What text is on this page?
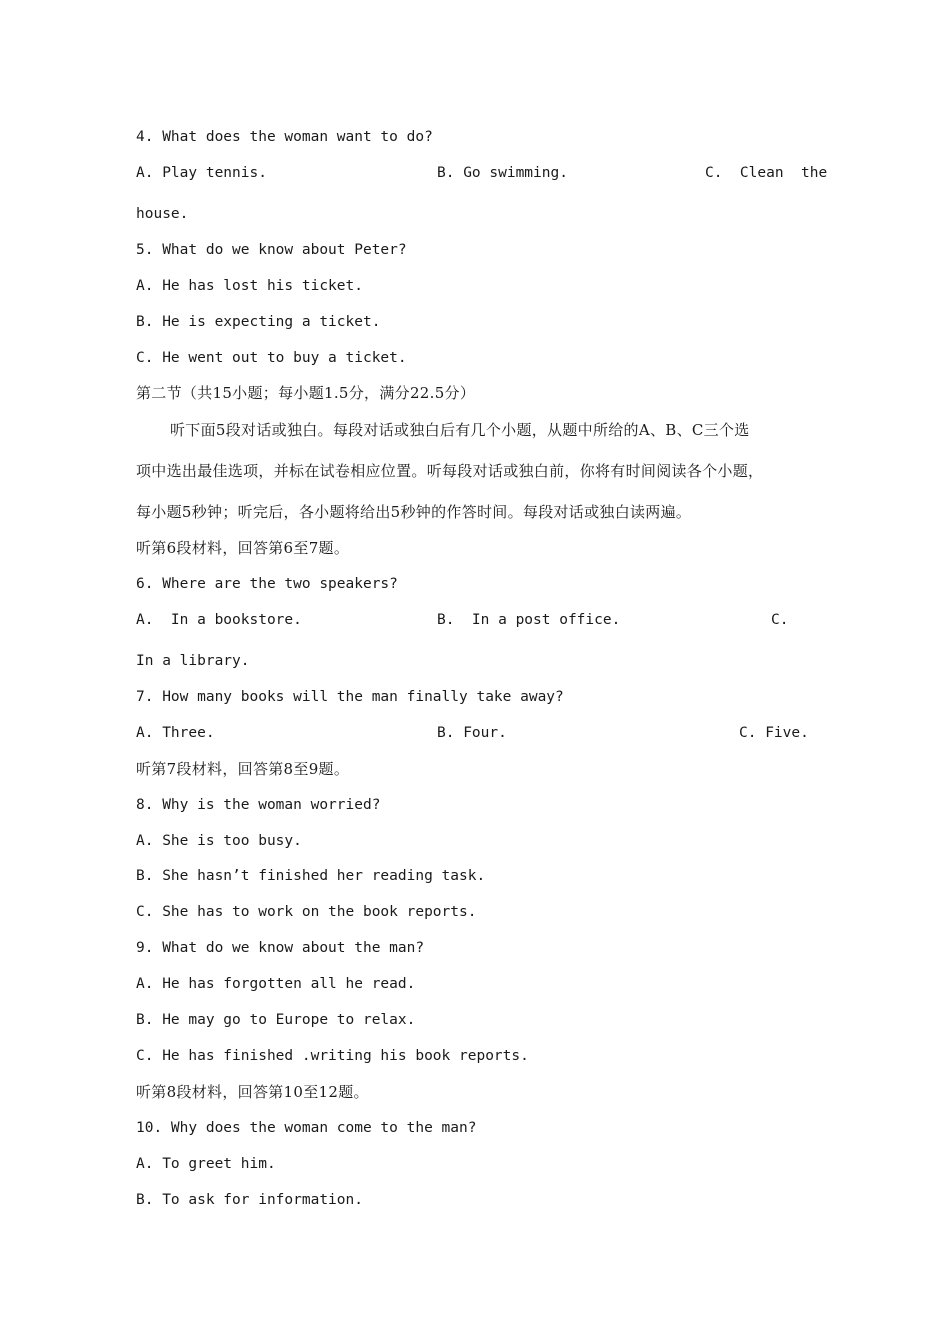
4. What does the woman want to do?
A. Play tennis.	B. Go swimming.	C.  Clean  the
house.
5. What do we know about Peter?
A. He has lost his ticket.
B. He is expecting a ticket.
C. He went out to buy a ticket.
第二节（共15小题；每小题1.5分，满分22.5分）
听下面5段对话或独白。每段对话或独白后有几个小题，从题中所给的A、B、C三个选
项中选出最佳选项，并标在试卷相应位置。听每段对话或独白前，你将有时间阅读各个小题，
每小题5秒钟；听完后，各小题将给出5秒钟的作答时间。每段对话或独白读两遍。
听第6段材料，回答第6至7题。
6. Where are the two speakers?
A.  In a bookstore.	B.  In a post office.	C.
In a library.
7. How many books will the man finally take away?
A. Three.	B. Four.	C. Five.
听第7段材料，回答第8至9题。
8. Why is the woman worried?
A. She is too busy.
B. She hasn’t finished her reading task.
C. She has to work on the book reports.
9. What do we know about the man?
A. He has forgotten all he read.
B. He may go to Europe to relax.
C. He has finished .writing his book reports.
听第8段材料，回答第10至12题。
10. Why does the woman come to the man?
A. To greet him.
B. To ask for information.
